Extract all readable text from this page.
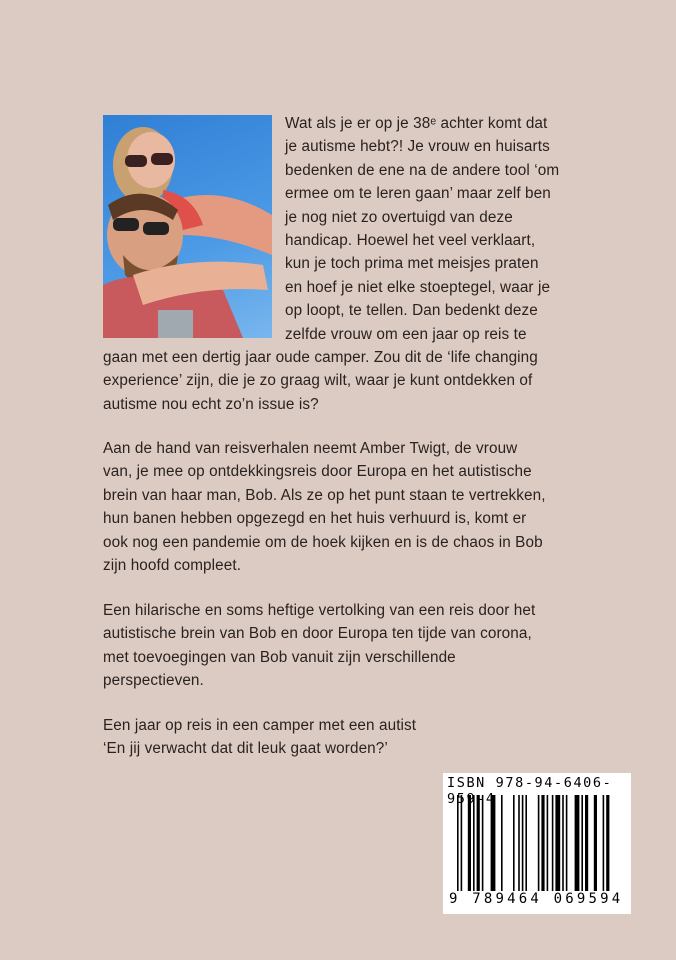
Wat als je er op je 38ᵉ achter komt dat
je autisme hebt?! Je vrouw en huisarts
bedenken de ene na de andere tool ‘om
ermee om te leren gaan’ maar zelf ben
je nog niet zo overtuigd van deze
handicap. Hoewel het veel verklaart,
kun je toch prima met meisjes praten
en hoef je niet elke stoeptegel, waar je
op loopt, te tellen. Dan bedenkt deze
zelfde vrouw om een jaar op reis te
gaan met een dertig jaar oude camper. Zou dit de ‘life changing
experience’ zijn, die je zo graag wilt, waar je kunt ontdekken of
autisme nou echt zo’n issue is?
Aan de hand van reisverhalen neemt Amber Twigt, de vrouw
van, je mee op ontdekkingsreis door Europa en het autistische
brein van haar man, Bob. Als ze op het punt staan te vertrekken,
hun banen hebben opgezegd en het huis verhuurd is, komt er
ook nog een pandemie om de hoek kijken en is de chaos in Bob
zijn hoofd compleet.
Een hilarische en soms heftige vertolking van een reis door het
autistische brein van Bob en door Europa ten tijde van corona,
met toevoegingen van Bob vanuit zijn verschillende
perspectieven.
Een jaar op reis in een camper met een autist
‘En jij verwacht dat dit leuk gaat worden?’
ISBN 978-94-6406-959-4
9 789464 069594
